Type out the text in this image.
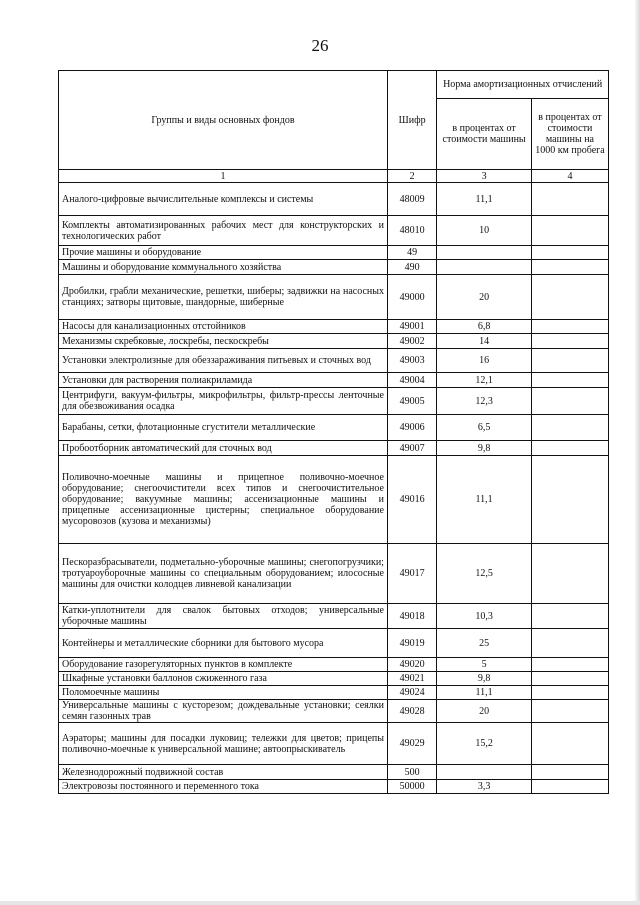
26
Группы и виды основных фондов	Шифр	Норма амортизационных отчислений	
		в процентах от стоимости машины	в процентах от стоимости машины на 1000 км пробега
1	2	3	4
Аналого-цифровые вычислительные комплексы и системы	48009	11,1	
Комплекты автоматизированных рабочих мест для конструкторских и технологических работ	48010	10	
Прочие машины и оборудование	49		
Машины и оборудование коммунального хозяйства	490		
Дробилки, грабли механические, решетки, шиберы; задвижки на насосных станциях; затворы щитовые, шандорные, шиберные	49000	20	
Насосы для канализационных отстойников	49001	6,8	
Механизмы скребковые, лоскребы, пескоскребы	49002	14	
Установки электролизные для обеззараживания питьевых и сточных вод	49003	16	
Установки для растворения полиакриламида	49004	12,1	
Центрифуги, вакуум-фильтры, микрофильтры, фильтр-прессы ленточные для обезвоживания осадка	49005	12,3	
Барабаны, сетки, флотационные сгустители металлические	49006	6,5	
Пробоотборник автоматический для сточных вод	49007	9,8	
Поливочно-моечные машины и прицепное поливочно-моечное оборудование; снегоочистители всех типов и снегоочистительное оборудование; вакуумные машины; ассенизационные машины и прицепные ассенизационные цистерны; специальное оборудование мусоровозов (кузова и механизмы)	49016	11,1	
Пескоразбрасыватели, подметально-уборочные машины; снегопогрузчики; тротуароуборочные машины со специальным оборудованием; илососные машины для очистки колодцев ливневой канализации	49017	12,5	
Катки-уплотнители для свалок бытовых отходов; универсальные уборочные машины	49018	10,3	
Контейнеры и металлические сборники для бытового мусора	49019	25	
Оборудование газорегуляторных пунктов в комплекте	49020	5	
Шкафные установки баллонов сжиженного газа	49021	9,8	
Поломоечные машины	49024	11,1	
Универсальные машины с кусторезом; дождевальные установки; сеялки семян газонных трав	49028	20	
Аэраторы; машины для посадки луковиц; тележки для цветов; прицепы поливочно-моечные к универсальной машине; автоопрыскиватель	49029	15,2	
Железнодорожный подвижной состав	500		
Электровозы постоянного и переменного тока	50000	3,3	
